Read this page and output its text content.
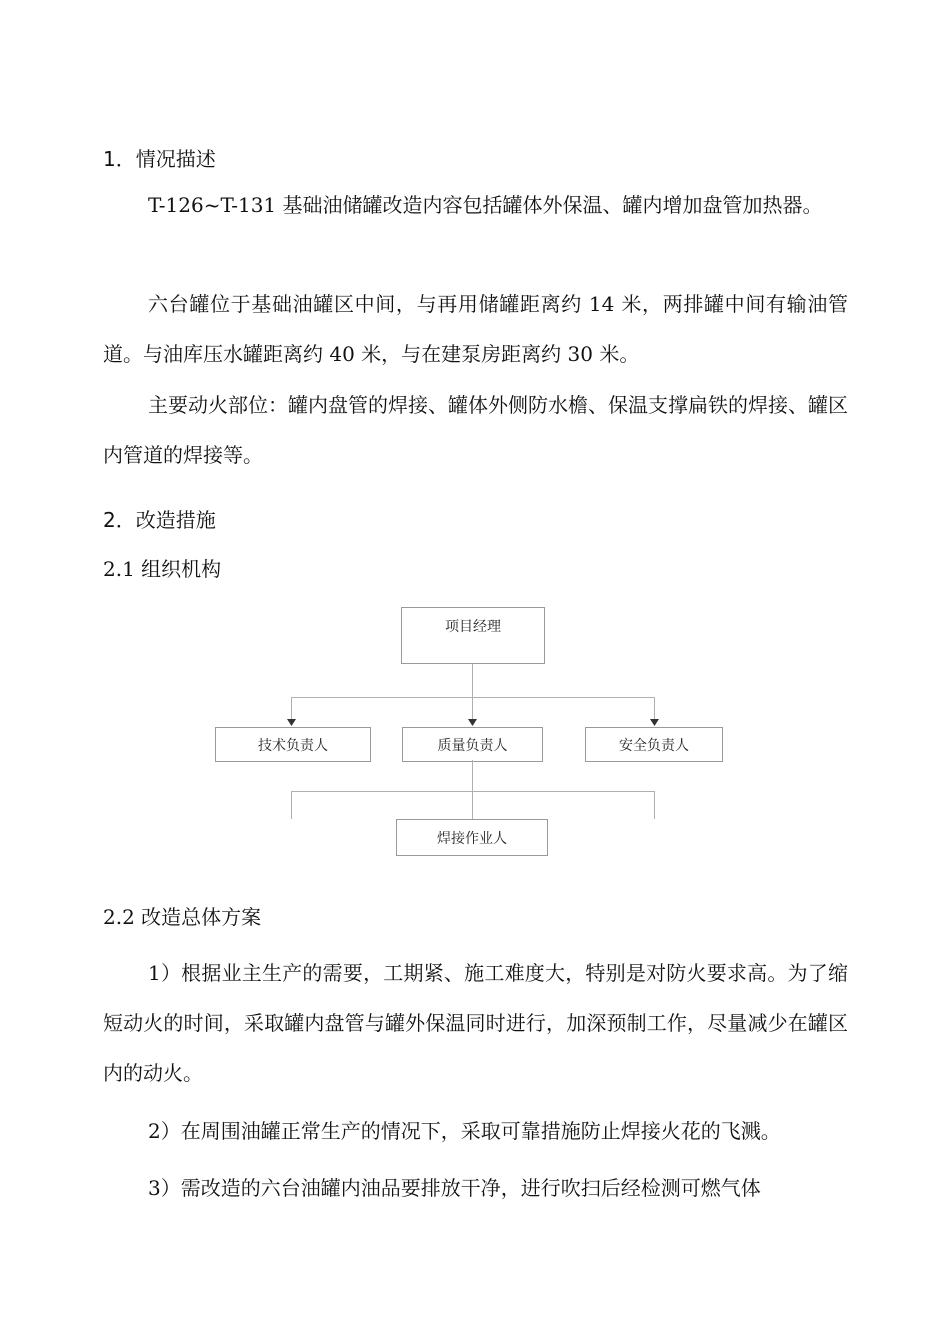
1．情况描述

T-126~T-131 基础油储罐改造内容包括罐体外保温、罐内增加盘管加热器。

六台罐位于基础油罐区中间，与再用储罐距离约 14 米，两排罐中间有输油管道。与油库压水罐距离约 40 米，与在建泵房距离约 30 米。

主要动火部位：罐内盘管的焊接、罐体外侧防水檐、保温支撑扁铁的焊接、罐区内管道的焊接等。

2．改造措施

2.1 组织机构

项目经理
技术负责人	质量负责人	安全负责人
焊接作业人

2.2 改造总体方案

1）根据业主生产的需要，工期紧、施工难度大，特别是对防火要求高。为了缩短动火的时间，采取罐内盘管与罐外保温同时进行，加深预制工作，尽量减少在罐区内的动火。

2）在周围油罐正常生产的情况下，采取可靠措施防止焊接火花的飞溅。

3）需改造的六台油罐内油品要排放干净，进行吹扫后经检测可燃气体
